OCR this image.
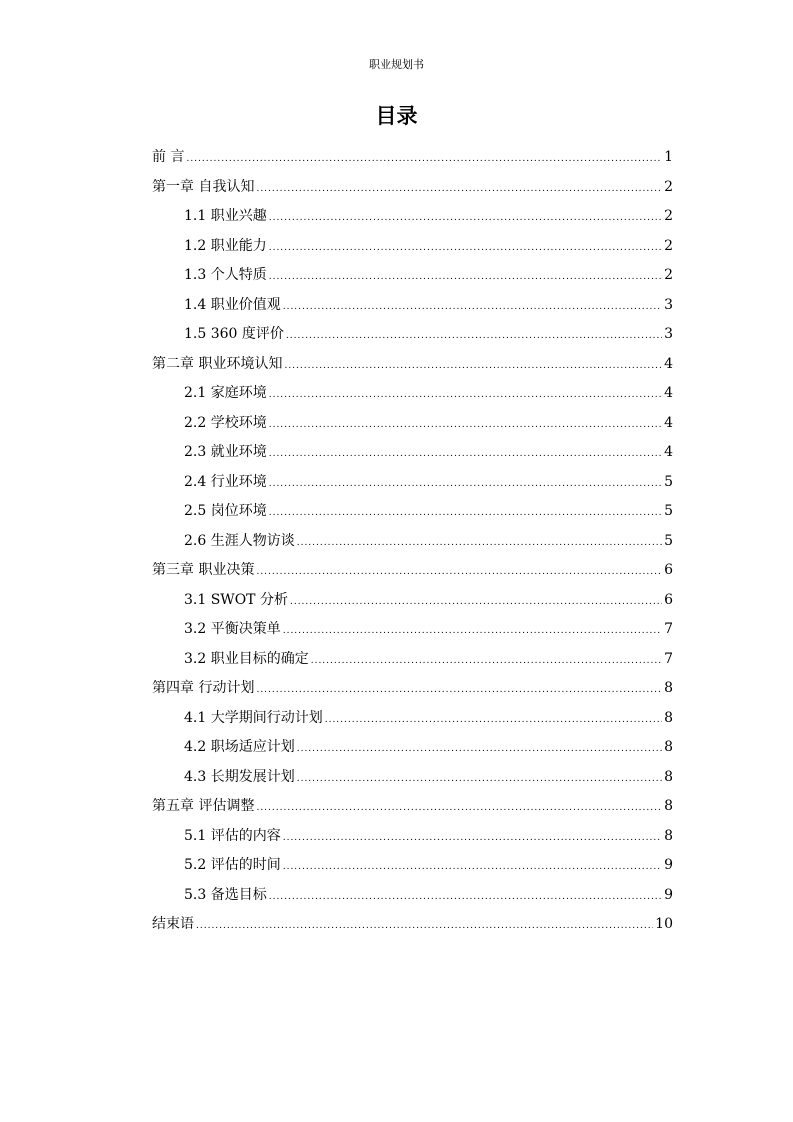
职业规划书
目录
前 言 .....	1
第一章 自我认知 .....	2
1.1 职业兴趣 .....	2
1.2 职业能力 .....	2
1.3 个人特质 .....	2
1.4 职业价值观 .....	3
1.5 360 度评价 .....	3
第二章 职业环境认知 .....	4
2.1 家庭环境 .....	4
2.2 学校环境 .....	4
2.3 就业环境 .....	4
2.4 行业环境 .....	5
2.5 岗位环境 .....	5
2.6 生涯人物访谈 .....	5
第三章 职业决策 .....	6
3.1 SWOT 分析 .....	6
3.2 平衡决策单 .....	7
3.2 职业目标的确定 .....	7
第四章 行动计划 .....	8
4.1 大学期间行动计划 .....	8
4.2 职场适应计划 .....	8
4.3 长期发展计划 .....	8
第五章 评估调整 .....	8
5.1 评估的内容 .....	8
5.2 评估的时间 .....	9
5.3 备选目标 .....	9
结束语 .....	10
